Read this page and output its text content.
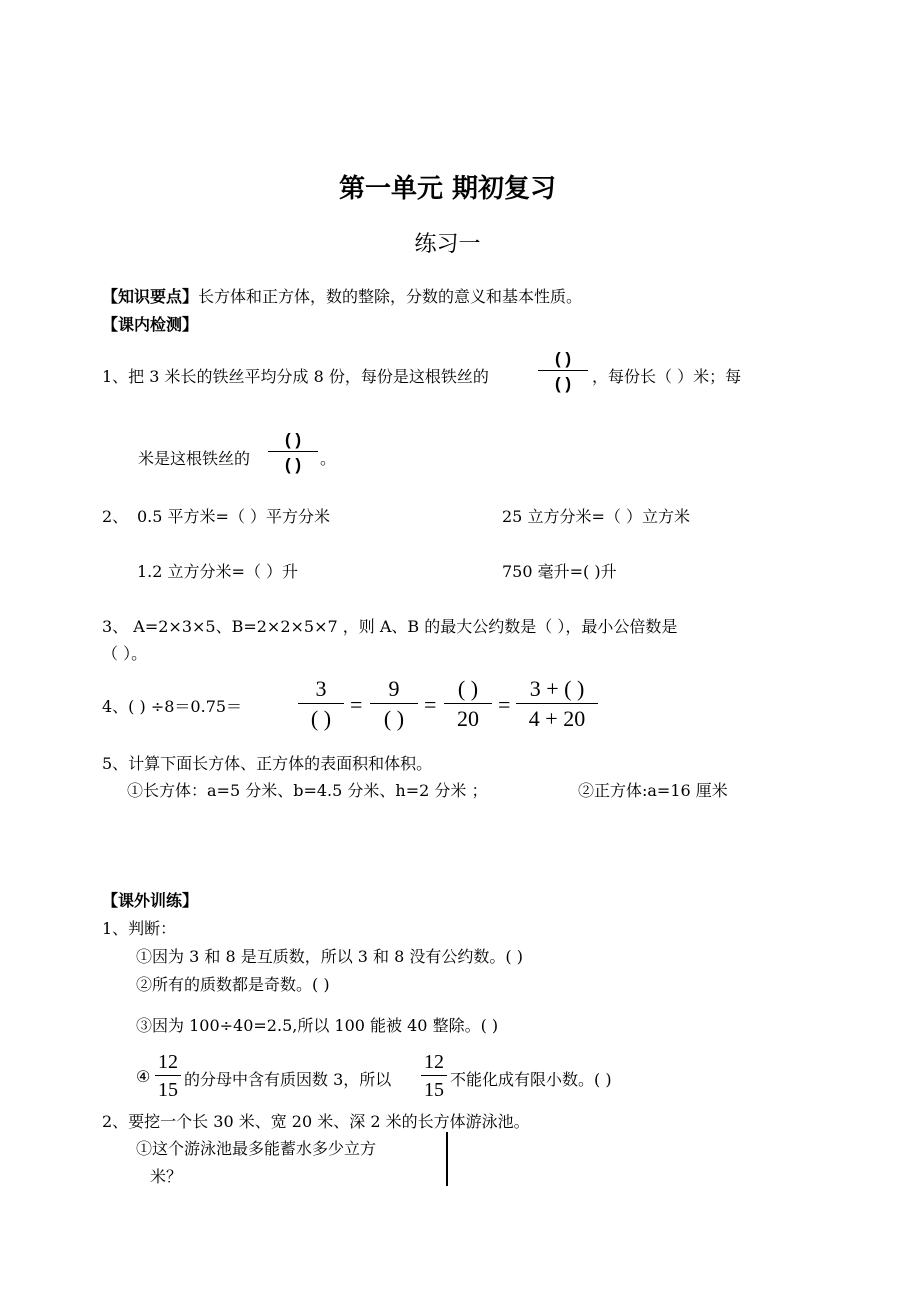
第一单元 期初复习
练习一
【知识要点】长方体和正方体，数的整除，分数的意义和基本性质。
【课内检测】
1、把 3 米长的铁丝平均分成 8 份，每份是这根铁丝的
( )
( )	，每份长（ ）米；每
米是这根铁丝的
( )
( )	。
2、 0.5 平方米=（ ）平方分米	25 立方分米=（ ）立方米
1.2 立方分米=（ ）升	750 毫升=( )升
3、 A=2×3×5、B=2×2×5×7 ，则 A、B 的最大公约数是（ ），最小公倍数是
（ ）。
4、( ) ÷8＝0.75＝
3
( )
=
9
( )
=
( )
20
=
3 + ( )
4 + 20
5、计算下面长方体、正方体的表面积和体积。
①长方体：a=5 分米、b=4.5 分米、h=2 分米 ；	②正方体:a=16 厘米
【课外训练】
1、判断：
①因为 3 和 8 是互质数，所以 3 和 8 没有公约数。( )
②所有的质数都是奇数。( )
③因为 100÷40=2.5,所以 100 能被 40 整除。( )
④
12
15 的分母中含有质因数 3，所以
12
15 不能化成有限小数。( )
2、要挖一个长 30 米、宽 20 米、深 2 米的长方体游泳池。
①这个游泳池最多能蓄水多少立方
米？
